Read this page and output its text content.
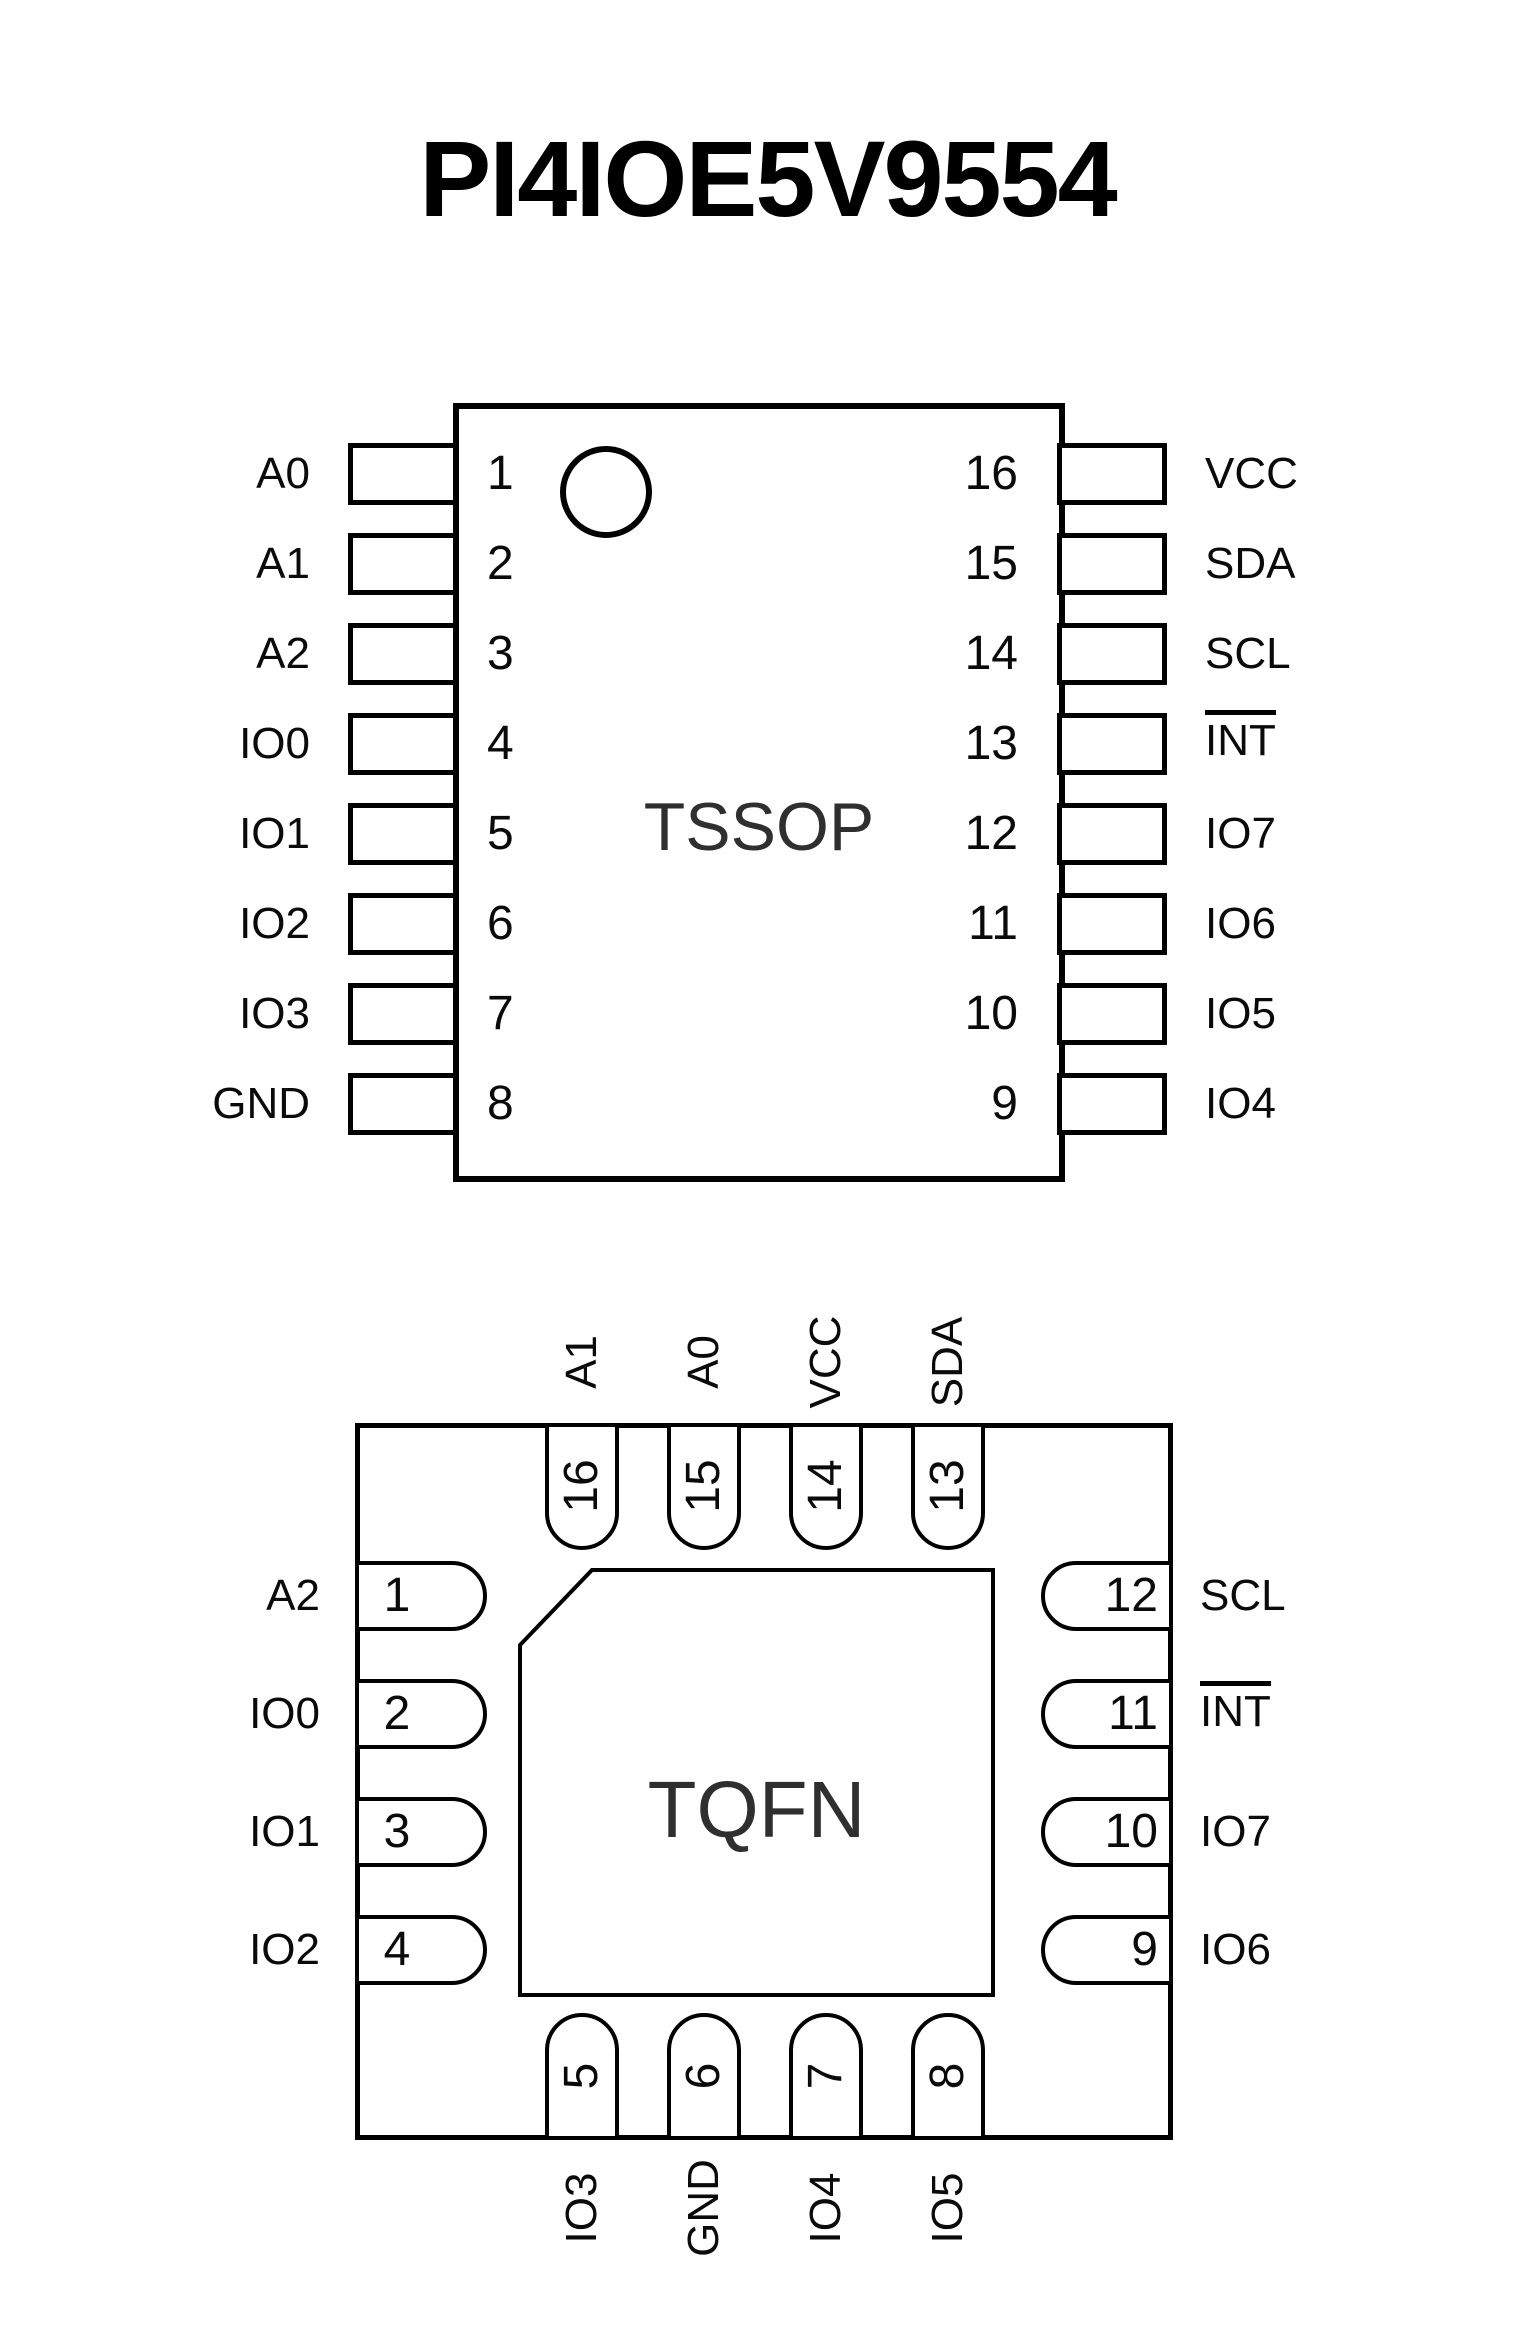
PI4IOE5V9554
TSSOP
A0
A1
A2
IO0
IO1
IO2
IO3
GND
1
2
3
4
5
6
7
8
16
15
14
13
12
11
10
9
VCC
SDA
SCL
INT
IO7
IO6
IO5
IO4
TQFN
16 15 14 13
A1 A0 VCC SDA
1
2
3
4
A2
IO0
IO1
IO2
12
11
10
9
SCL
INT
IO7
IO6
5 6 7 8
IO3 GND IO4 IO5
